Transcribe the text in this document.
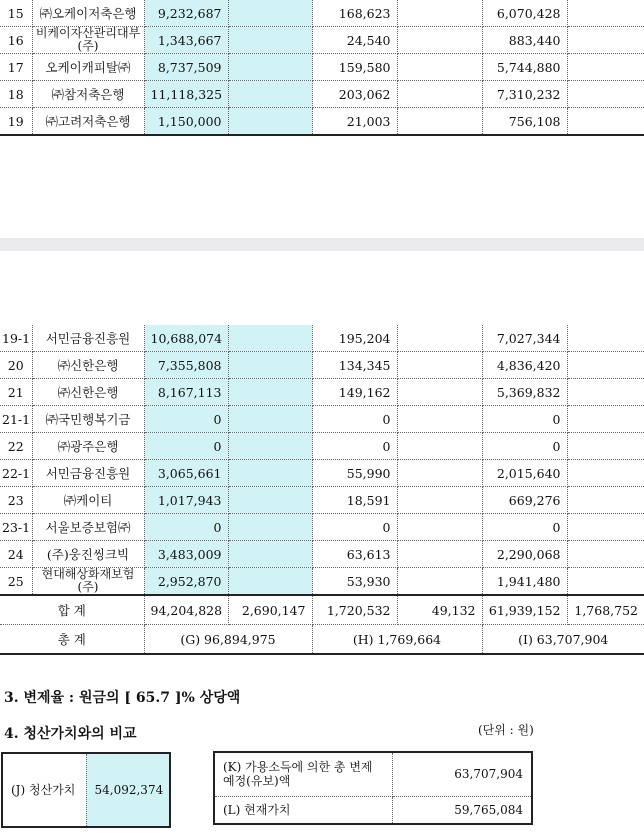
15	㈜오케이저축은행	9,232,687		168,623		6,070,428	
16	비케이자산관리대부(주)	1,343,667		24,540		883,440	
17	오케이캐피탈㈜	8,737,509		159,580		5,744,880	
18	㈜참저축은행	11,118,325		203,062		7,310,232	
19	㈜고려저축은행	1,150,000		21,003		756,108	
19-1	서민금융진흥원	10,688,074		195,204		7,027,344	
20	㈜신한은행	7,355,808		134,345		4,836,420	
21	㈜신한은행	8,167,113		149,162		5,369,832	
21-1	㈜국민행복기금	0		0		0	
22	㈜광주은행	0		0		0	
22-1	서민금융진흥원	3,065,661		55,990		2,015,640	
23	㈜케이티	1,017,943		18,591		669,276	
23-1	서울보증보험㈜	0		0		0	
24	(주)웅진씽크빅	3,483,009		63,613		2,290,068	
25	현대해상화재보험(주)	2,952,870		53,930		1,941,480	
합 계		94,204,828	2,690,147	1,720,532	49,132	61,939,152	1,768,752
총 계		(G) 96,894,975		(H) 1,769,664		(I) 63,707,904	
3. 변제율 : 원금의 [ 65.7 ]% 상당액
4. 청산가치와의 비교	(단위 : 원)
(J) 청산가치	54,092,374
(K) 가용소득에 의한 총 변제예정(유보)액	63,707,904
(L) 현재가치	59,765,084
